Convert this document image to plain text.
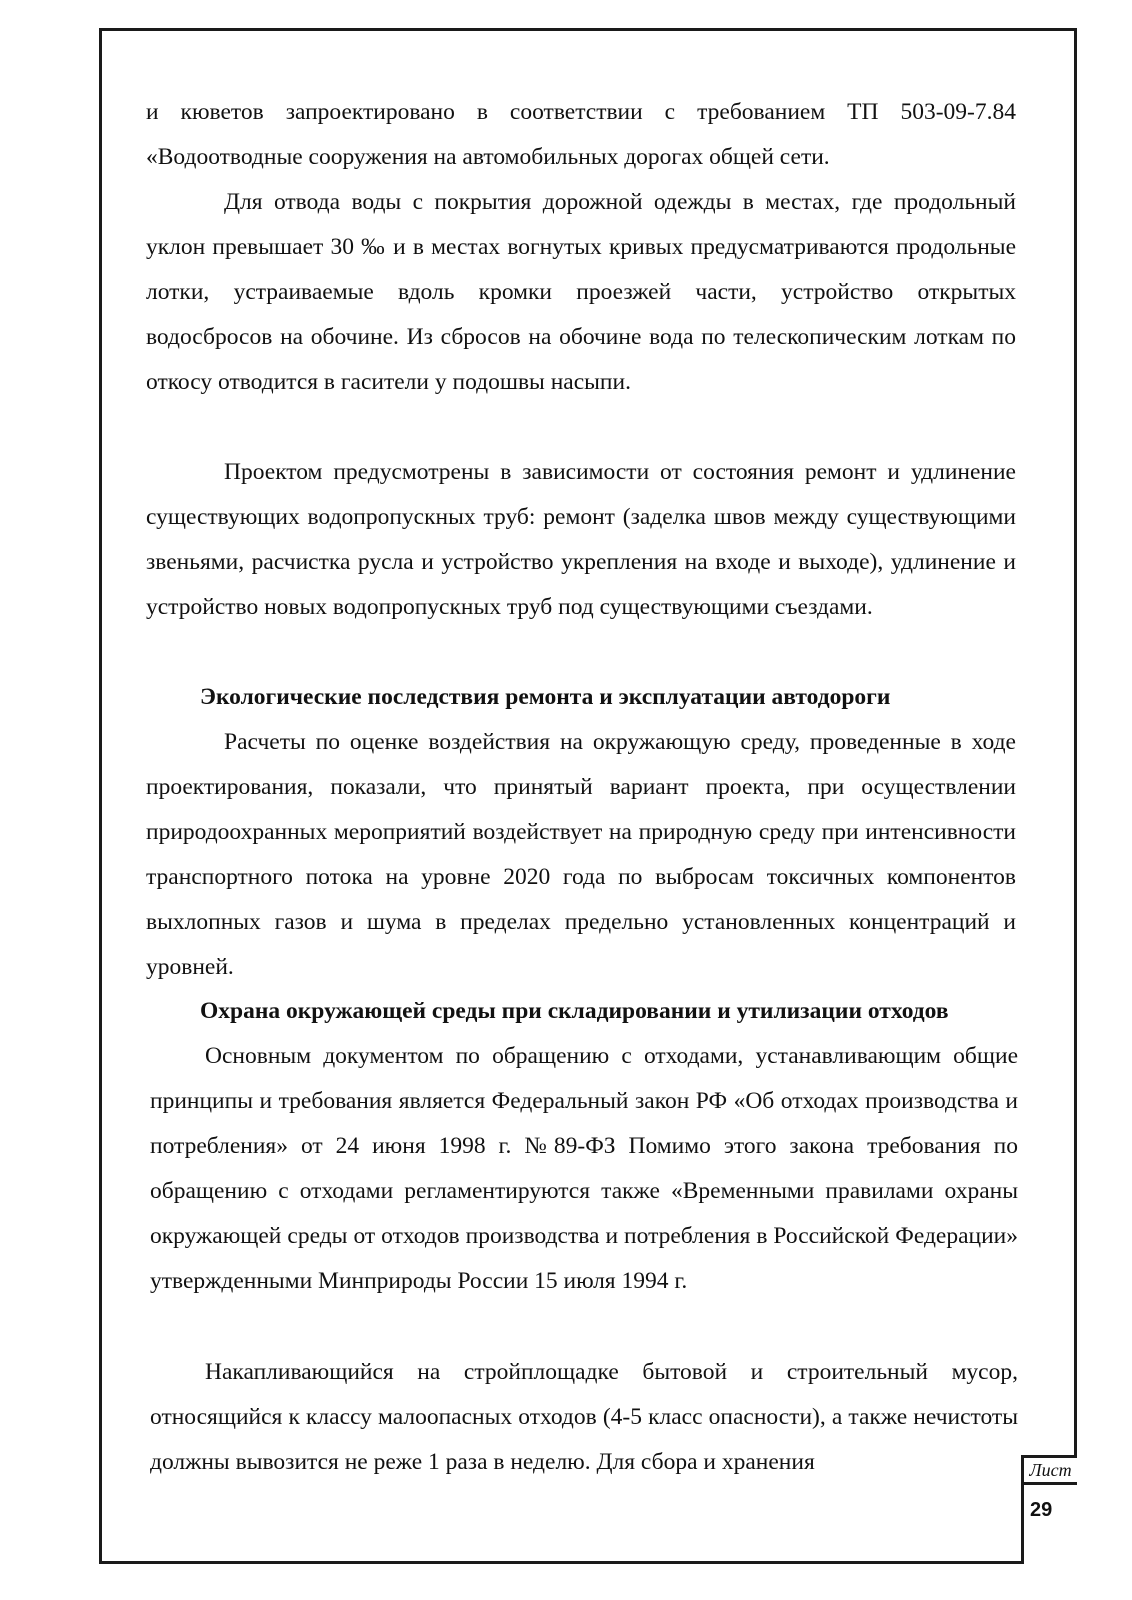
и кюветов запроектировано в соответствии с требованием ТП 503-09-7.84 «Водоотводные сооружения на автомобильных дорогах общей сети.

Для отвода воды с покрытия дорожной одежды в местах, где продольный уклон превышает 30 ‰ и в местах вогнутых кривых предусматриваются продольные лотки, устраиваемые вдоль кромки проезжей части, устройство открытых водосбросов на обочине. Из сбросов на обочине вода по телескопическим лоткам по откосу отводится в гасители у подошвы насыпи.

Проектом предусмотрены в зависимости от состояния ремонт и удлинение существующих водопропускных труб: ремонт (заделка швов между существующими звеньями, расчистка русла и устройство укрепления на входе и выходе), удлинение и устройство новых водопропускных труб под существующими съездами.

Экологические последствия ремонта и эксплуатации автодороги

Расчеты по оценке воздействия на окружающую среду, проведенные в ходе проектирования, показали, что принятый вариант проекта, при осуществлении природоохранных мероприятий воздействует на природную среду при интенсивности транспортного потока на уровне 2020 года по выбросам токсичных компонентов выхлопных газов и шума в пределах предельно установленных концентраций и уровней.

Охрана окружающей среды при складировании и утилизации отходов

Основным документом по обращению с отходами, устанавливающим общие принципы и требования является Федеральный закон РФ «Об отходах производства и потребления» от 24 июня 1998 г. №89-ФЗ Помимо этого закона требования по обращению с отходами регламентируются также «Временными правилами охраны окружающей среды от отходов производства и потребления в Российской Федерации» утвержденными Минприроды России 15 июля 1994 г.

Накапливающийся на стройплощадке бытовой и строительный мусор, относящийся к классу малоопасных отходов (4-5 класс опасности), а также нечистоты должны вывозится не реже 1 раза в неделю. Для сбора и хранения	Лист
29
